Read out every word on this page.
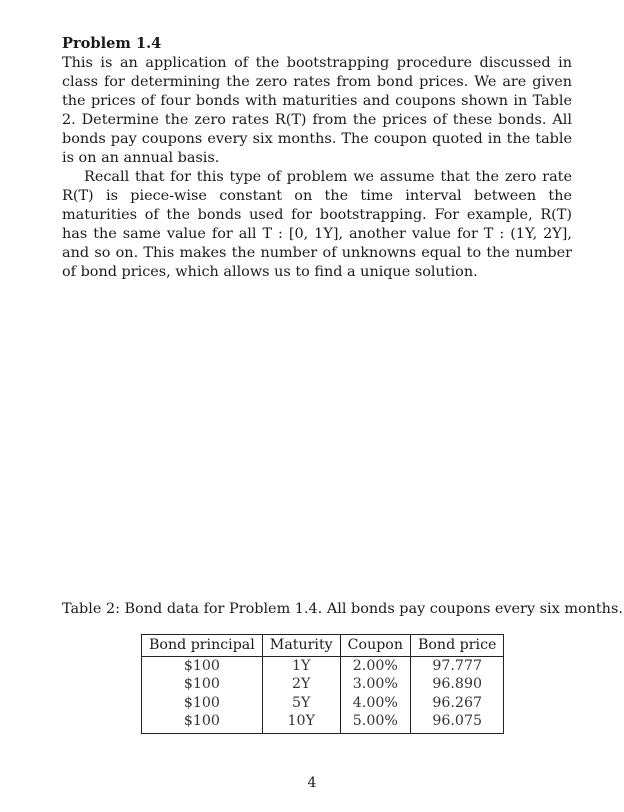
Problem 1.4

This is an application of the bootstrapping procedure discussed in class for determining the zero rates from bond prices. We are given the prices of four bonds with maturities and coupons shown in Table 2. Determine the zero rates R(T) from the prices of these bonds. All bonds pay coupons every six months. The coupon quoted in the table is on an annual basis.

Recall that for this type of problem we assume that the zero rate R(T) is piece-wise constant on the time interval between the maturities of the bonds used for bootstrapping. For example, R(T) has the same value for all T : [0, 1Y], another value for T : (1Y, 2Y], and so on. This makes the number of unknowns equal to the number of bond prices, which allows us to find a unique solution.

Table 2: Bond data for Problem 1.4. All bonds pay coupons every six months.
Bond principal	Maturity	Coupon	Bond price
$100	1Y	2.00%	97.777
$100	2Y	3.00%	96.890
$100	5Y	4.00%	96.267
$100	10Y	5.00%	96.075
4
